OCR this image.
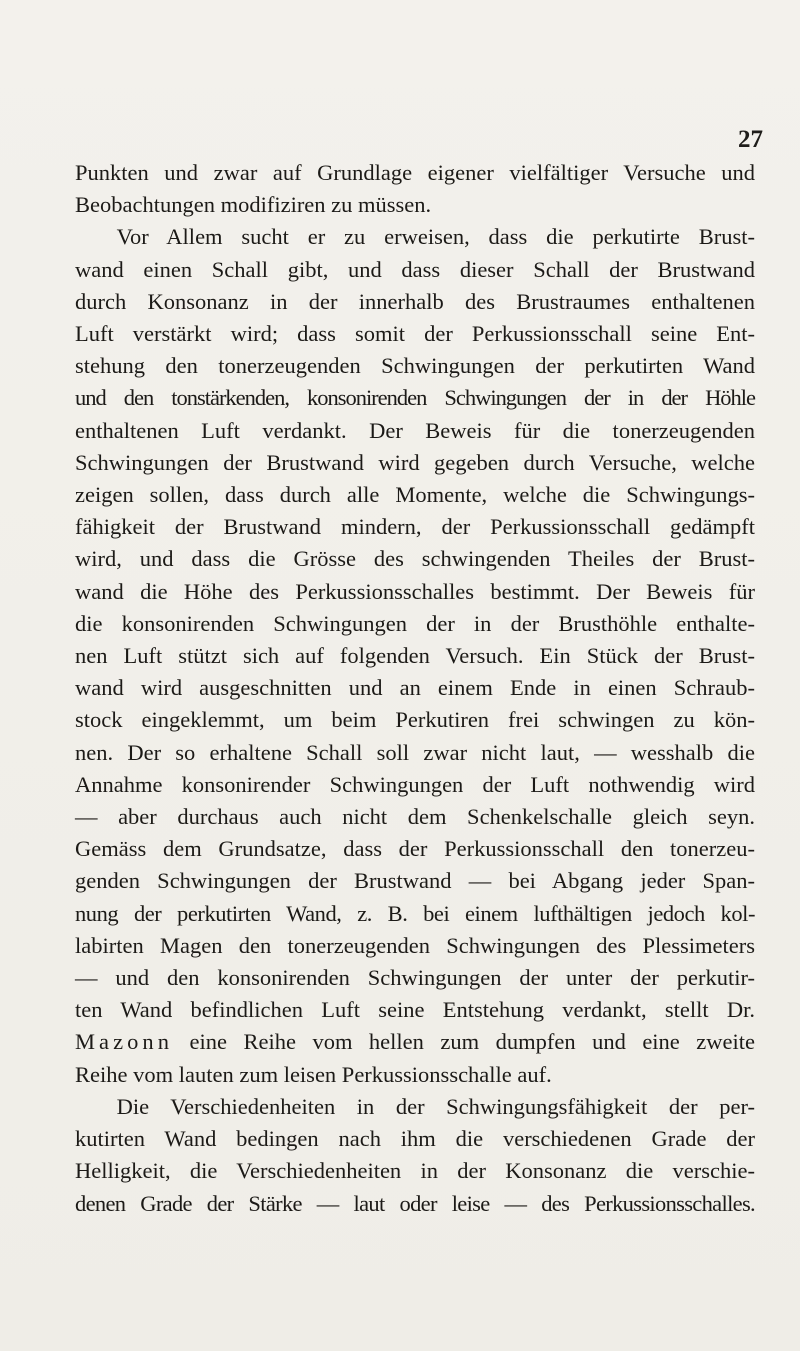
27

Punkten und zwar auf Grundlage eigener vielfältiger Versuche und
Beobachtungen modifiziren zu müssen.

Vor Allem sucht er zu erweisen, dass die perkutirte Brust-
wand einen Schall gibt, und dass dieser Schall der Brustwand
durch Konsonanz in der innerhalb des Brustraumes enthaltenen
Luft verstärkt wird; dass somit der Perkussionsschall seine Ent-
stehung den tonerzeugenden Schwingungen der perkutirten Wand
und den tonstärkenden, konsonirenden Schwingungen der in der Höhle
enthaltenen Luft verdankt. Der Beweis für die tonerzeugenden
Schwingungen der Brustwand wird gegeben durch Versuche, welche
zeigen sollen, dass durch alle Momente, welche die Schwingungs-
fähigkeit der Brustwand mindern, der Perkussionsschall gedämpft
wird, und dass die Grösse des schwingenden Theiles der Brust-
wand die Höhe des Perkussionsschalles bestimmt. Der Beweis für
die konsonirenden Schwingungen der in der Brusthöhle enthalte-
nen Luft stützt sich auf folgenden Versuch. Ein Stück der Brust-
wand wird ausgeschnitten und an einem Ende in einen Schraub-
stock eingeklemmt, um beim Perkutiren frei schwingen zu kön-
nen. Der so erhaltene Schall soll zwar nicht laut, — wesshalb die
Annahme konsonirender Schwingungen der Luft nothwendig wird
— aber durchaus auch nicht dem Schenkelschalle gleich seyn.
Gemäss dem Grundsatze, dass der Perkussionsschall den tonerzeu-
genden Schwingungen der Brustwand — bei Abgang jeder Span-
nung der perkutirten Wand, z. B. bei einem lufthältigen jedoch kol-
labirten Magen den tonerzeugenden Schwingungen des Plessimeters
— und den konsonirenden Schwingungen der unter der perkutir-
ten Wand befindlichen Luft seine Entstehung verdankt, stellt Dr.
Mazonn eine Reihe vom hellen zum dumpfen und eine zweite
Reihe vom lauten zum leisen Perkussionsschalle auf.

Die Verschiedenheiten in der Schwingungsfähigkeit der per-
kutirten Wand bedingen nach ihm die verschiedenen Grade der
Helligkeit, die Verschiedenheiten in der Konsonanz die verschie-
denen Grade der Stärke — laut oder leise — des Perkussionsschalles.
